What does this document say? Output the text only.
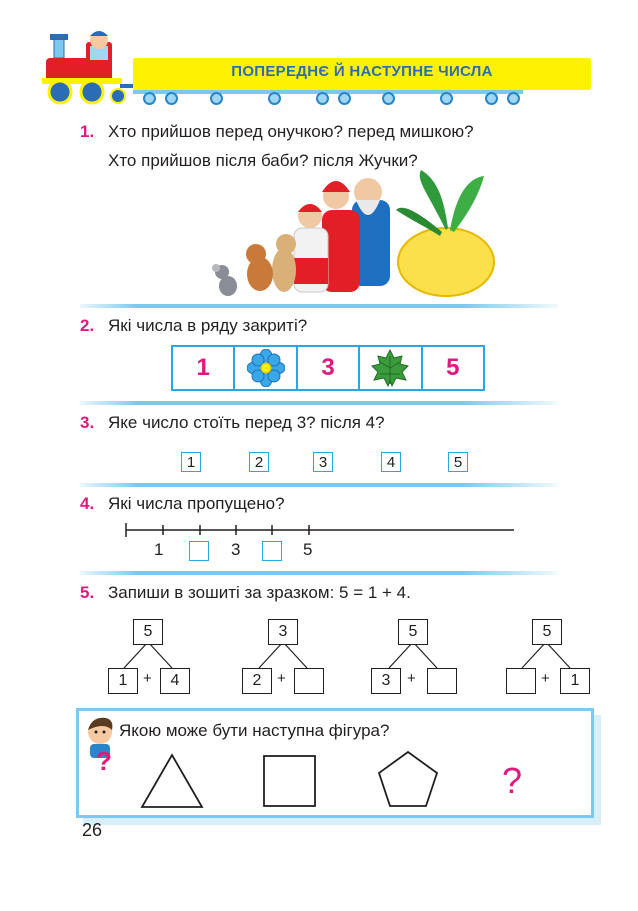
ПОПЕРЕДНЄ Й НАСТУПНЕ ЧИСЛА
1. Хто прийшов перед онучкою? перед мишкою?
Хто прийшов після баби? після Жучки?
2. Які числа в ряду закриті?
1	3	5
3. Яке число стоїть перед 3? після 4?
1	2	3	4	5
4. Які числа пропущено?
1	3	5
5. Запиши в зошиті за зразком: 5 = 1 + 4.
5
1	+	4
3
2	+
5
3	+
5
+	1
?
Якою може бути наступна фігура?
?
26
